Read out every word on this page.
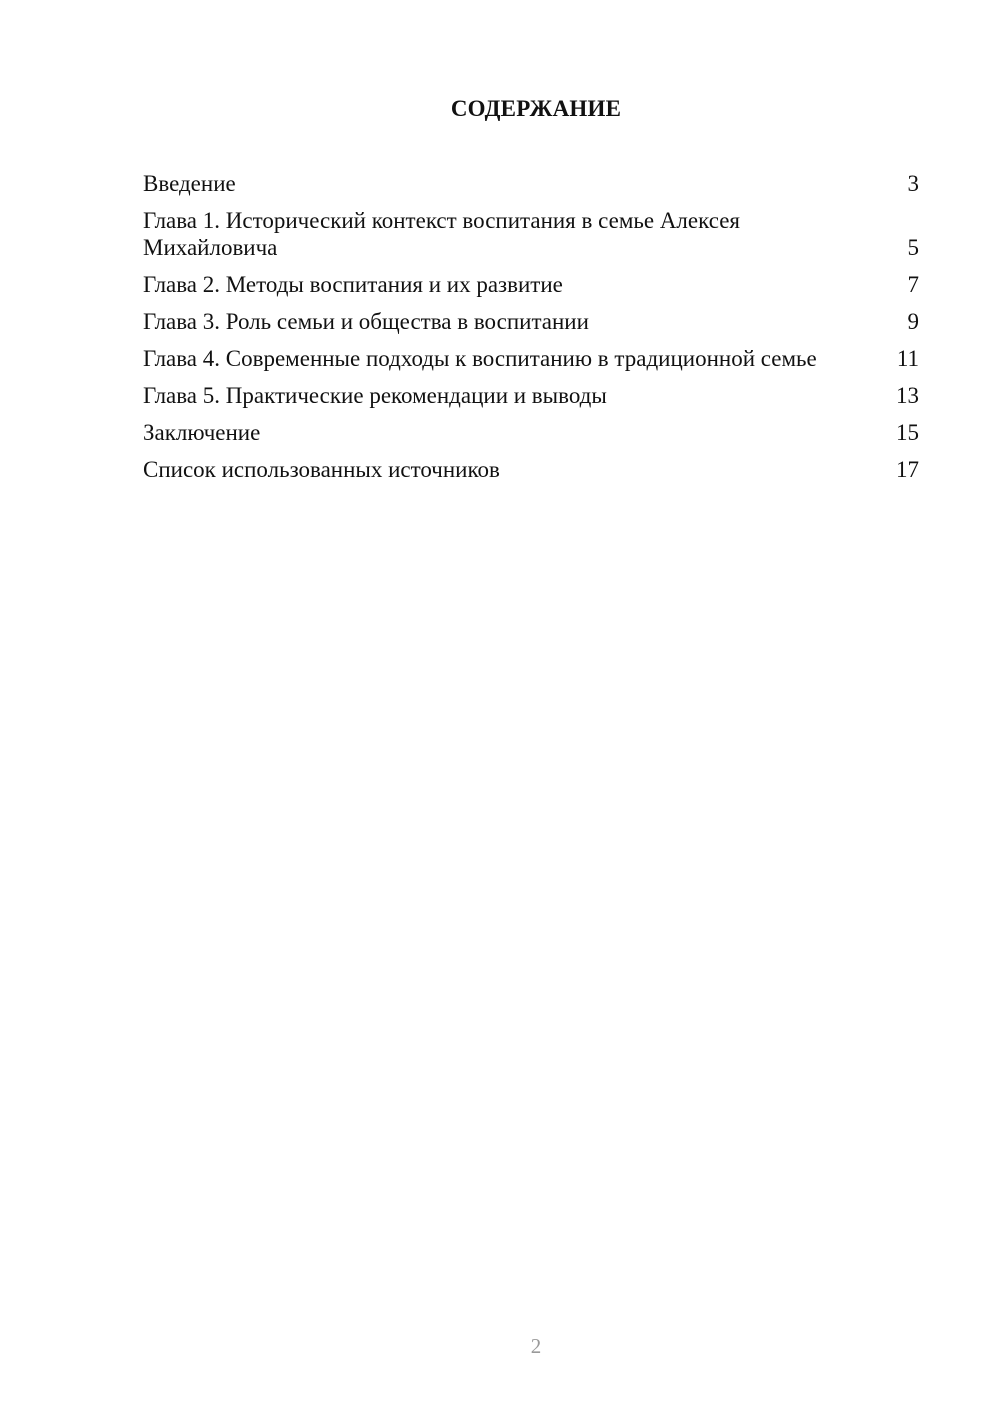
СОДЕРЖАНИЕ
Введение	3
Глава 1. Исторический контекст воспитания в семье Алексея Михайловича	5
Глава 2. Методы воспитания и их развитие	7
Глава 3. Роль семьи и общества в воспитании	9
Глава 4. Современные подходы к воспитанию в традиционной семье	11
Глава 5. Практические рекомендации и выводы	13
Заключение	15
Список использованных источников	17
2
